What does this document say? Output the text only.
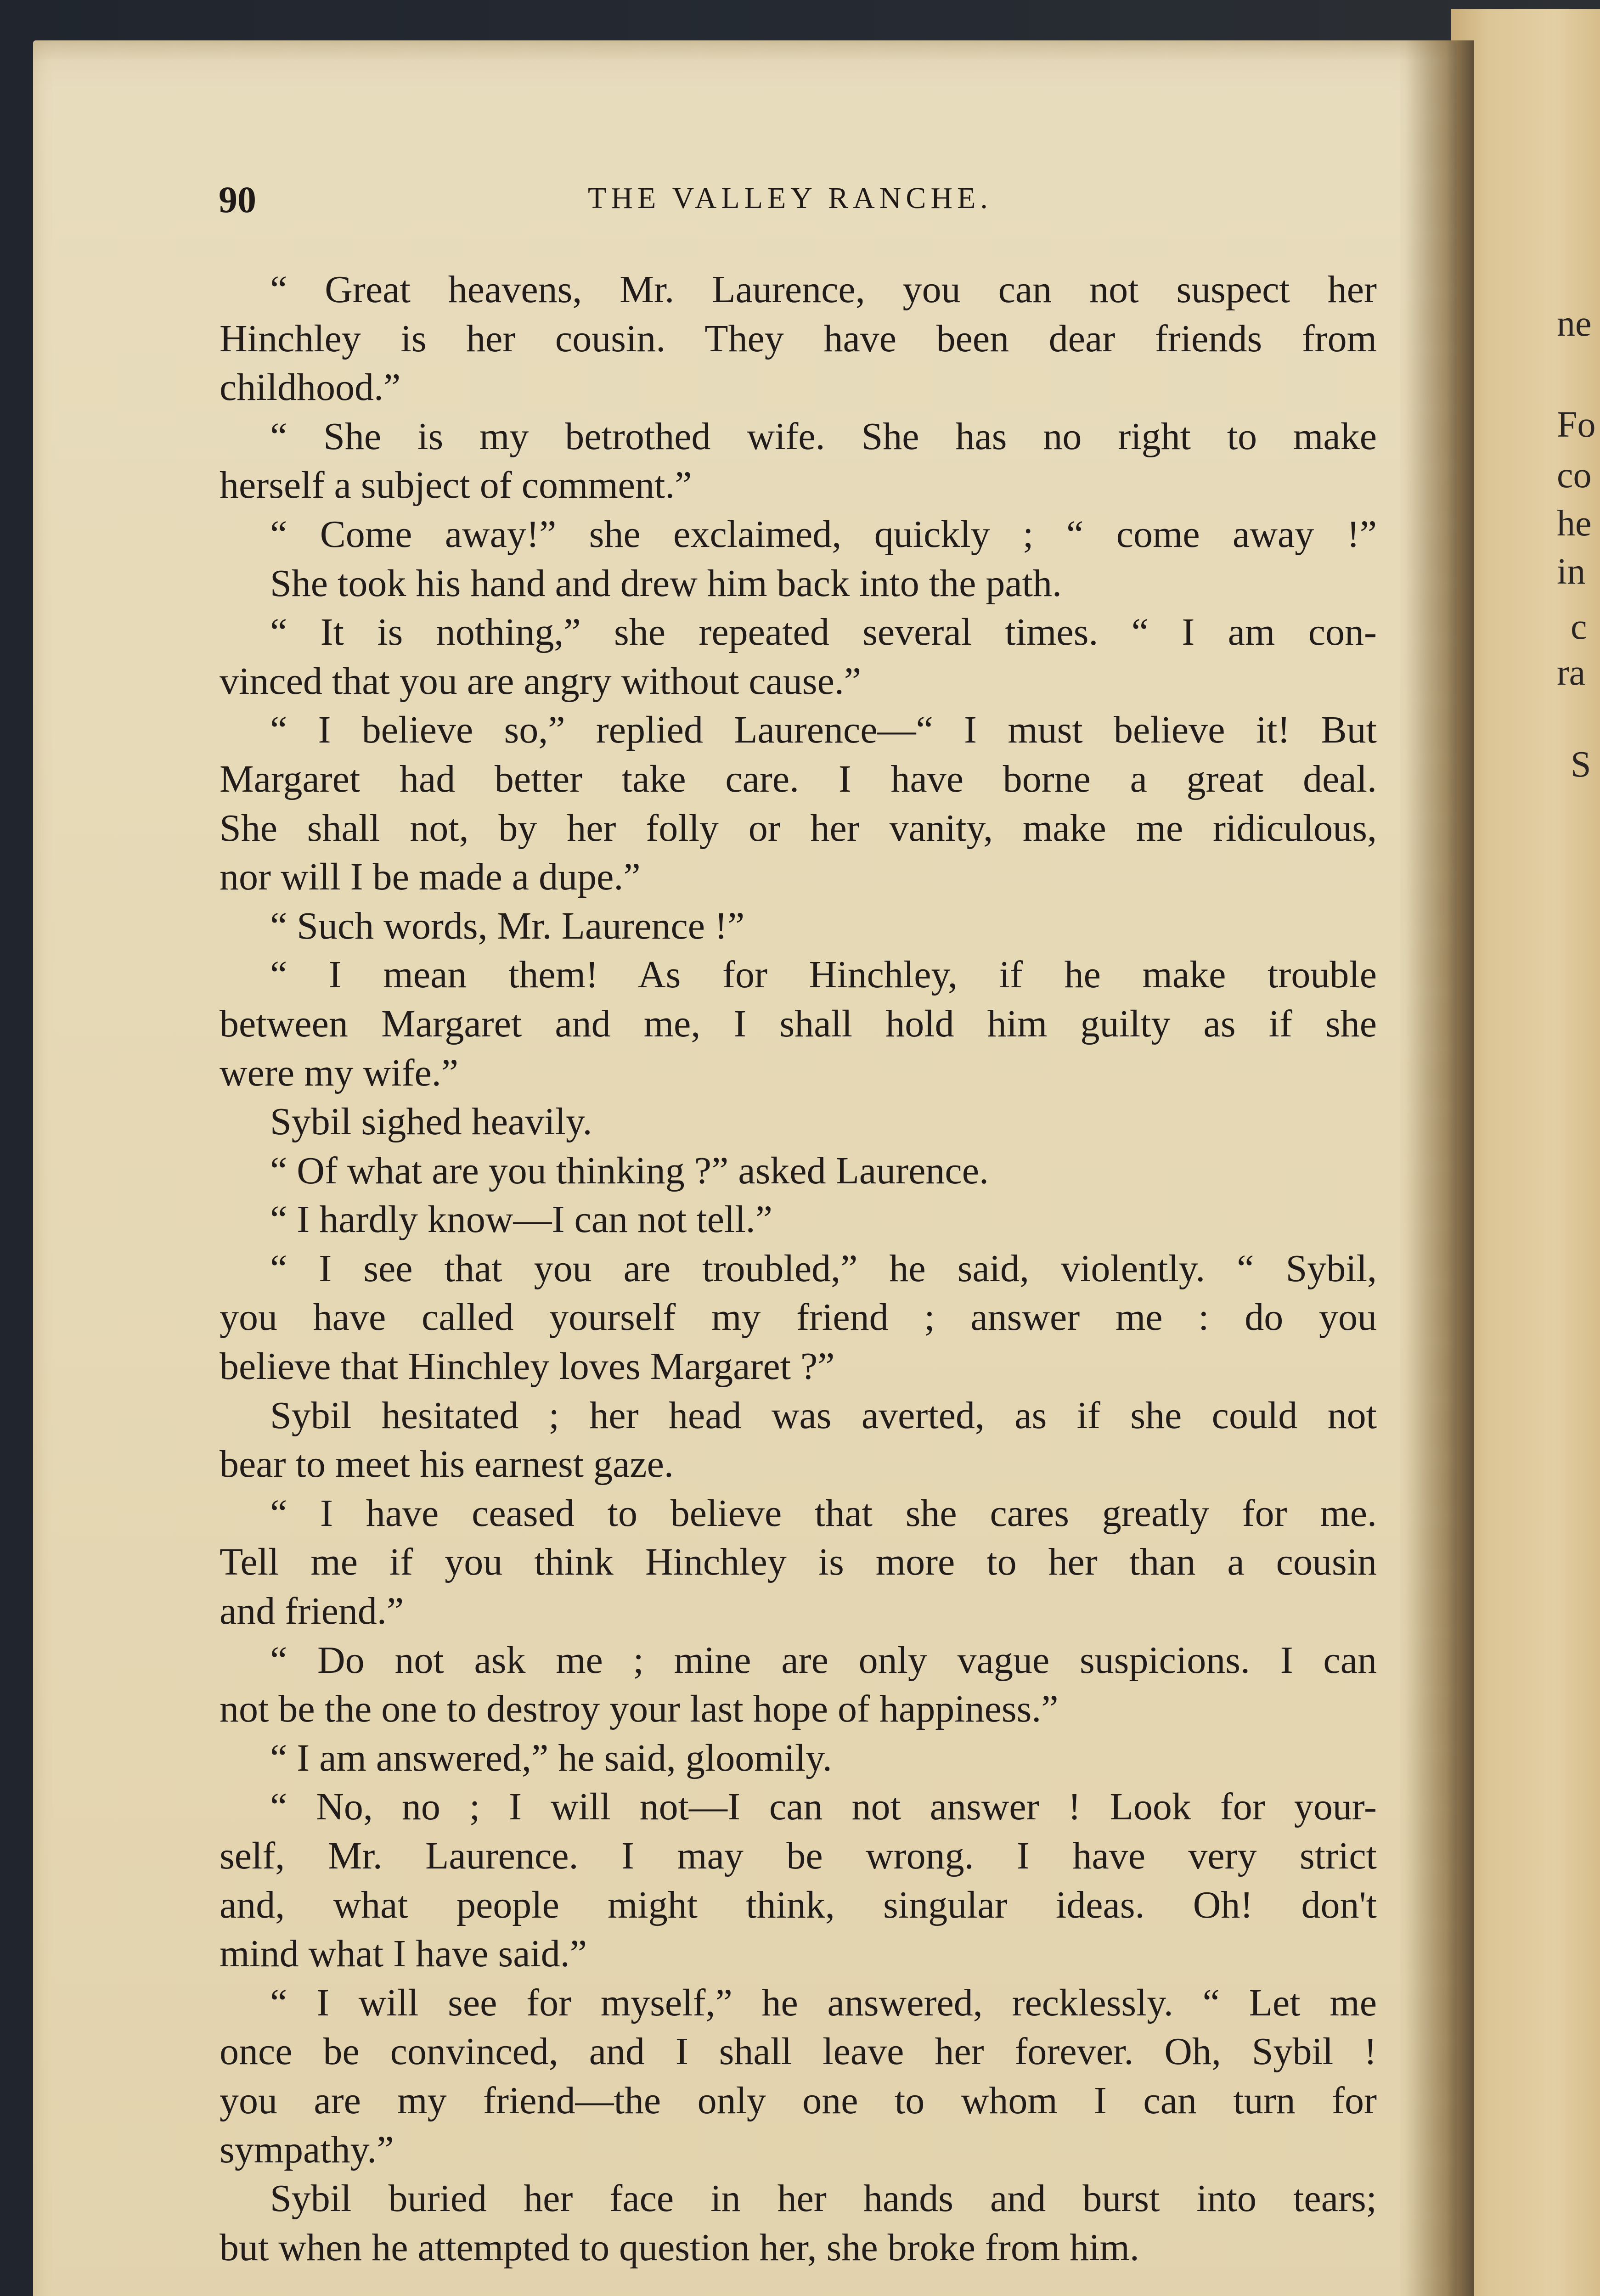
ne
Fo
co
he
in
c
ra
S
90	THE VALLEY RANCHE.
“ Great heavens, Mr. Laurence, you can not suspect her
Hinchley is her cousin. They have been dear friends from
childhood.”
“ She is my betrothed wife. She has no right to make
herself a subject of comment.”
“ Come away!” she exclaimed, quickly ; “ come away !”
She took his hand and drew him back into the path.
“ It is nothing,” she repeated several times. “ I am con-
vinced that you are angry without cause.”
“ I believe so,” replied Laurence—“ I must believe it! But
Margaret had better take care. I have borne a great deal.
She shall not, by her folly or her vanity, make me ridiculous,
nor will I be made a dupe.”
“ Such words, Mr. Laurence !”
“ I mean them! As for Hinchley, if he make trouble
between Margaret and me, I shall hold him guilty as if she
were my wife.”
Sybil sighed heavily.
“ Of what are you thinking ?” asked Laurence.
“ I hardly know—I can not tell.”
“ I see that you are troubled,” he said, violently. “ Sybil,
you have called yourself my friend ; answer me : do you
believe that Hinchley loves Margaret ?”
Sybil hesitated ; her head was averted, as if she could not
bear to meet his earnest gaze.
“ I have ceased to believe that she cares greatly for me.
Tell me if you think Hinchley is more to her than a cousin
and friend.”
“ Do not ask me ; mine are only vague suspicions. I can
not be the one to destroy your last hope of happiness.”
“ I am answered,” he said, gloomily.
“ No, no ; I will not—I can not answer ! Look for your-
self, Mr. Laurence. I may be wrong. I have very strict
and, what people might think, singular ideas. Oh! don't
mind what I have said.”
“ I will see for myself,” he answered, recklessly. “ Let me
once be convinced, and I shall leave her forever. Oh, Sybil !
you are my friend—the only one to whom I can turn for
sympathy.”
Sybil buried her face in her hands and burst into tears;
but when he attempted to question her, she broke from him.
